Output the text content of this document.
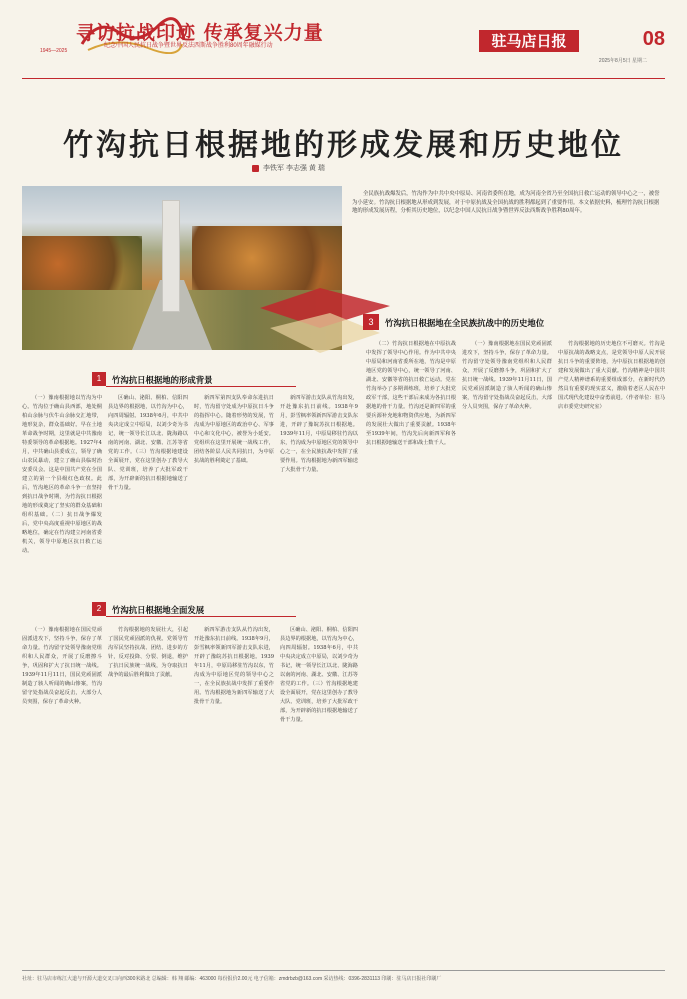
寻访抗战印迹 传承复兴力量
纪念中国人民抗日战争暨世界反法西斯战争胜利80周年融媒行动
1945—2025
驻马店日报	08
2025年8月5日 星期二
竹沟抗日根据地的形成发展和历史地位
李铁军 李志强 黄 瑞
全民族抗战爆发后，竹沟作为中共中央中原局、河南省委所在地，成为河南全省乃至全国抗日救亡运动的领导中心之一，被誉为小延安。竹沟抗日根据地从形成到发展，对于中原抗战及全国抗战的胜利都起到了重要作用。本文依据史料，梳理竹沟抗日根据地的形成发展历程，分析其历史地位，以纪念中国人民抗日战争暨世界反法西斯战争胜利80周年。
3	竹沟抗日根据地在全民族抗战中的历史地位
1	竹沟抗日根据地的形成背景
（一）豫南根据地以竹沟为中心。竹沟位于确山县西部，地处桐柏山余脉与伏牛山余脉交汇地带，地形复杂，群众基础好。早在土地革命战争时期，这里就是中共豫南特委领导的革命根据地。1927年4月，中共确山县委成立，领导了确山农民暴动，建立了确山县临时治安委员会。这是中国共产党在全国建立的第一个县级红色政权。此后，竹沟地区的革命斗争一直坚持到抗日战争时期，为竹沟抗日根据地的形成奠定了坚实的群众基础和组织基础。（二）抗日战争爆发后，党中央高度重视中原地区的战略地位，确定在竹沟建立河南省委机关，领导中原地区抗日救亡运动。
区确山、泌阳、桐柏、信阳四县边界的根据地，以竹沟为中心，向四周辐射。1938年6月，中共中央决定成立中原局，以刘少奇为书记，统一领导长江以北、陇海路以南的河南、湖北、安徽、江苏等省党的工作。（三）竹沟根据地建设全面展开，党在这里创办了教导大队、党训班，培养了大批军政干部，为开辟新的抗日根据地输送了骨干力量。
新四军第四支队奉命东进抗日时，竹沟留守处成为中原抗日斗争的指挥中心。随着形势的发展，竹沟成为中原地区的政治中心、军事中心和文化中心，被誉为小延安。党组织在这里开展统一战线工作，团结各阶层人民共同抗日，为中原抗战的胜利奠定了基础。
新四军游击支队从竹沟出发，开赴豫东抗日前线。1938年9月，彭雪枫率领新四军游击支队东进，开辟了豫皖苏抗日根据地。1939年11月，中原局移驻竹沟以东，竹沟成为中原地区党的领导中心之一，在全民族抗战中发挥了重要作用。竹沟根据地为新四军输送了大批骨干力量。
2	竹沟抗日根据地全面发展
（一）豫南根据地在国民党顽固派进攻下，坚持斗争，保存了革命力量。竹沟留守处领导豫南党组织和人民群众，开展了反磨擦斗争，巩固和扩大了抗日统一战线。1939年11月11日，国民党顽固派制造了骇人听闻的确山惨案，竹沟留守处指战员奋起反击，大部分人员突围，保存了革命火种。
竹沟根据地的发展壮大，引起了国民党顽固派的仇视。党领导竹沟军民坚持抗战、团结、进步的方针，反对投降、分裂、倒退，维护了抗日民族统一战线，为夺取抗日战争的最后胜利做出了贡献。
新四军游击支队从竹沟出发，开赴豫东抗日前线。1938年9月，彭雪枫率领新四军游击支队东进，开辟了豫皖苏抗日根据地。1939年11月，中原局移驻竹沟以东，竹沟成为中原地区党的领导中心之一，在全民族抗战中发挥了重要作用。竹沟根据地为新四军输送了大批骨干力量。
区确山、泌阳、桐柏、信阳四县边界的根据地，以竹沟为中心，向四周辐射。1938年6月，中共中央决定成立中原局，以刘少奇为书记，统一领导长江以北、陇海路以南的河南、湖北、安徽、江苏等省党的工作。（三）竹沟根据地建设全面展开，党在这里创办了教导大队、党训班，培养了大批军政干部，为开辟新的抗日根据地输送了骨干力量。
（二）竹沟抗日根据地在中原抗战中发挥了领导中心作用。作为中共中央中原局和河南省委所在地，竹沟是中原地区党的领导中心，统一领导了河南、湖北、安徽等省的抗日救亡运动。党在竹沟举办了多期训练班，培养了大批党政军干部，这些干部后来成为各抗日根据地的骨干力量。竹沟还是新四军的重要兵源补充地和物资供应地，为新四军的发展壮大做出了重要贡献。1938年至1939年间，竹沟先后向新四军和各抗日根据地输送干部和战士数千人。
（一）豫南根据地在国民党顽固派进攻下，坚持斗争，保存了革命力量。竹沟留守处领导豫南党组织和人民群众，开展了反磨擦斗争，巩固和扩大了抗日统一战线。1939年11月11日，国民党顽固派制造了骇人听闻的确山惨案，竹沟留守处指战员奋起反击，大部分人员突围，保存了革命火种。
竹沟根据地的历史地位不可磨灭。竹沟是中原抗战的战略支点，是党领导中原人民开展抗日斗争的重要阵地，为中原抗日根据地的创建和发展做出了重大贡献。竹沟精神是中国共产党人精神谱系的重要组成部分，在新时代仍然具有重要的现实意义，激励着老区人民在中国式现代化建设中奋勇前进。（作者单位：驻马店市委党史研究室）
社址：驻马店市练江大道与开源大道交叉口向西300米路北 总编辑：韩 翔 邮编：463000 每份报价2.00元 电子信箱：zmdrbzb@163.com 采访热线：0396-2831113 印刷：驻马店日报社印刷厂
